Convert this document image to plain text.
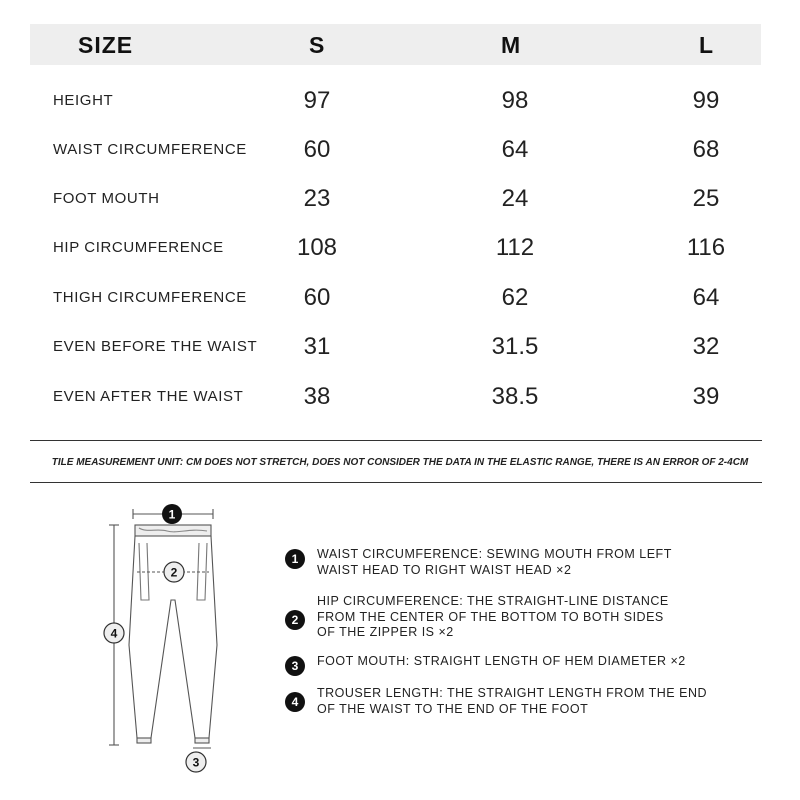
SIZE	S	M	L
HEIGHT	97	98	99
WAIST CIRCUMFERENCE	60	64	68
FOOT MOUTH	23	24	25
HIP CIRCUMFERENCE	108	112	116
THIGH CIRCUMFERENCE	60	62	64
EVEN BEFORE THE WAIST	31	31.5	32
EVEN AFTER THE WAIST	38	38.5	39
TILE MEASUREMENT UNIT: CM DOES NOT STRETCH, DOES NOT CONSIDER THE DATA IN THE ELASTIC RANGE, THERE IS AN ERROR OF 2-4CM
1
2
3
4
1	WAIST CIRCUMFERENCE: SEWING MOUTH FROM LEFT
WAIST HEAD TO RIGHT WAIST HEAD ×2
2
HIP CIRCUMFERENCE: THE STRAIGHT-LINE DISTANCE
FROM THE CENTER OF THE BOTTOM TO BOTH SIDES
OF THE ZIPPER IS ×2
3	FOOT MOUTH: STRAIGHT LENGTH OF HEM DIAMETER ×2
4
TROUSER LENGTH: THE STRAIGHT LENGTH FROM THE END
OF THE WAIST TO THE END OF THE FOOT
